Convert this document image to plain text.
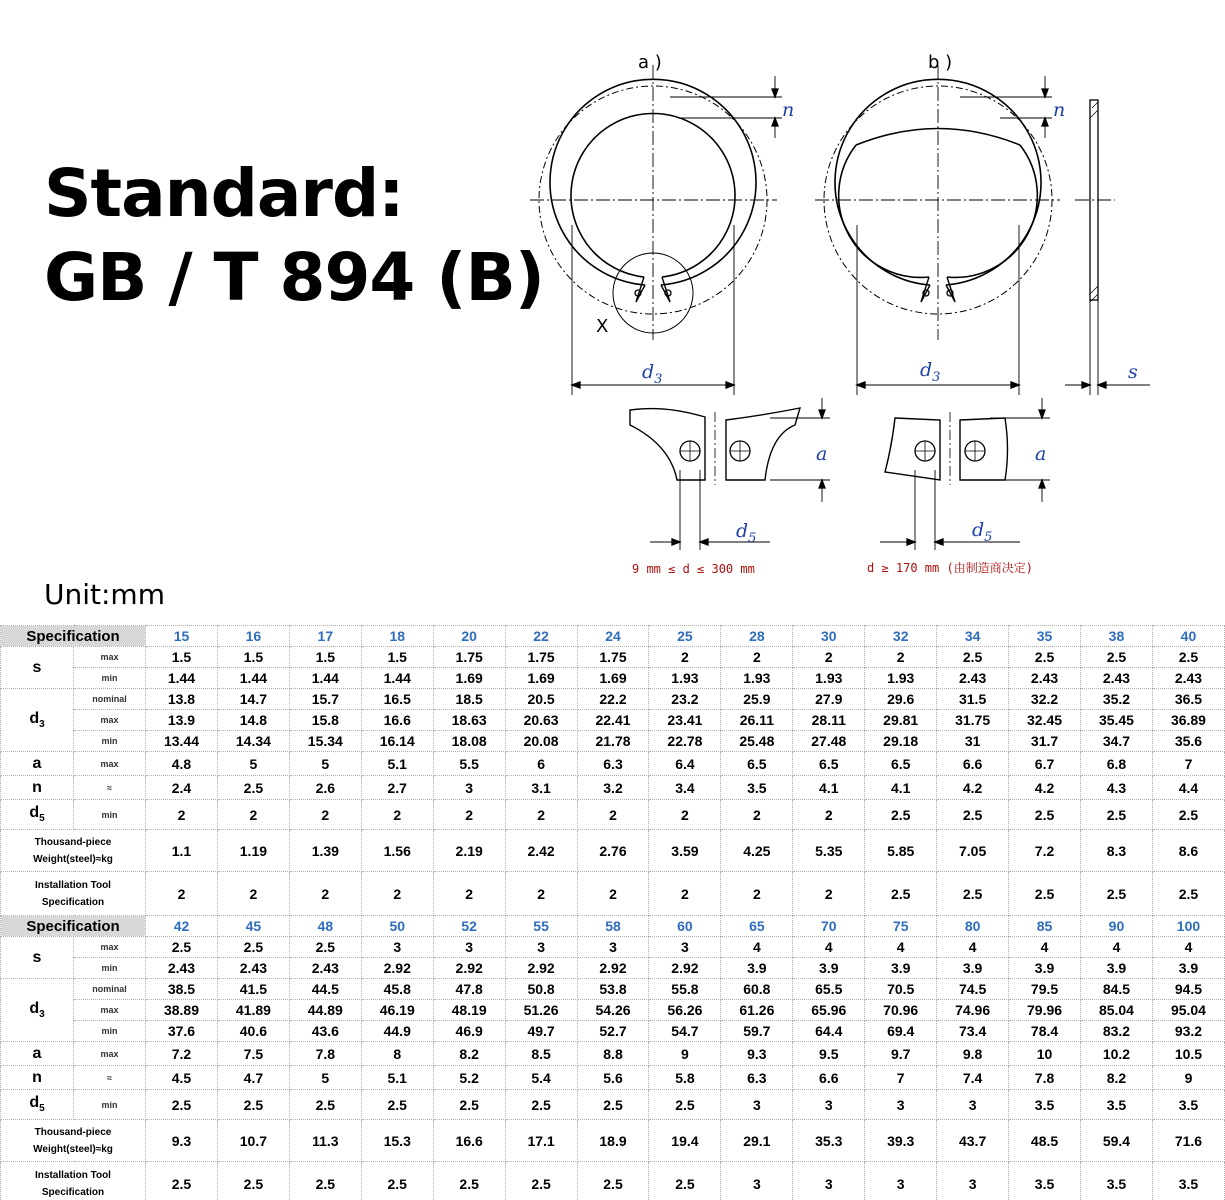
Standard:
GB / T 894 (B)
Unit:mm
a )	b )
X
n	n
$d_3$	$d_3$	s
a	a
$d_5$	$d_5$
9 mm ≤ d ≤ 300 mm	d ≥ 170 mm (由制造商决定)
Specification		15	16	17	18	20	22	24	25	28	30	32	34	35	38	40
s	max	1.5	1.5	1.5	1.5	1.75	1.75	1.75	2	2	2	2	2.5	2.5	2.5	2.5
	min	1.44	1.44	1.44	1.44	1.69	1.69	1.69	1.93	1.93	1.93	1.93	2.43	2.43	2.43	2.43
$d_3$	nominal	13.8	14.7	15.7	16.5	18.5	20.5	22.2	23.2	25.9	27.9	29.6	31.5	32.2	35.2	36.5
	max	13.9	14.8	15.8	16.6	18.63	20.63	22.41	23.41	26.11	28.11	29.81	31.75	32.45	35.45	36.89
	min	13.44	14.34	15.34	16.14	18.08	20.08	21.78	22.78	25.48	27.48	29.18	31	31.7	34.7	35.6
a	max	4.8	5	5	5.1	5.5	6	6.3	6.4	6.5	6.5	6.5	6.6	6.7	6.8	7
n	≈	2.4	2.5	2.6	2.7	3	3.1	3.2	3.4	3.5	4.1	4.1	4.2	4.2	4.3	4.4
$d_5$	min	2	2	2	2	2	2	2	2	2	2	2.5	2.5	2.5	2.5	2.5

Thousand-piece
Weight(steel)≈kg		1.1	1.19	1.39	1.56	2.19	2.42	2.76	3.59	4.25	5.35	5.85	7.05	7.2	8.3	8.6

Installation Tool
Specification		2	2	2	2	2	2	2	2	2	2	2.5	2.5	2.5	2.5	2.5
Specification		42	45	48	50	52	55	58	60	65	70	75	80	85	90	100
s	max	2.5	2.5	2.5	3	3	3	3	3	4	4	4	4	4	4	4
	min	2.43	2.43	2.43	2.92	2.92	2.92	2.92	2.92	3.9	3.9	3.9	3.9	3.9	3.9	3.9
$d_3$	nominal	38.5	41.5	44.5	45.8	47.8	50.8	53.8	55.8	60.8	65.5	70.5	74.5	79.5	84.5	94.5
	max	38.89	41.89	44.89	46.19	48.19	51.26	54.26	56.26	61.26	65.96	70.96	74.96	79.96	85.04	95.04
	min	37.6	40.6	43.6	44.9	46.9	49.7	52.7	54.7	59.7	64.4	69.4	73.4	78.4	83.2	93.2
a	max	7.2	7.5	7.8	8	8.2	8.5	8.8	9	9.3	9.5	9.7	9.8	10	10.2	10.5
n	≈	4.5	4.7	5	5.1	5.2	5.4	5.6	5.8	6.3	6.6	7	7.4	7.8	8.2	9
$d_5$	min	2.5	2.5	2.5	2.5	2.5	2.5	2.5	2.5	3	3	3	3	3.5	3.5	3.5

Thousand-piece
Weight(steel)≈kg		9.3	10.7	11.3	15.3	16.6	17.1	18.9	19.4	29.1	35.3	39.3	43.7	48.5	59.4	71.6

Installation Tool
Specification		2.5	2.5	2.5	2.5	2.5	2.5	2.5	2.5	3	3	3	3	3.5	3.5	3.5
